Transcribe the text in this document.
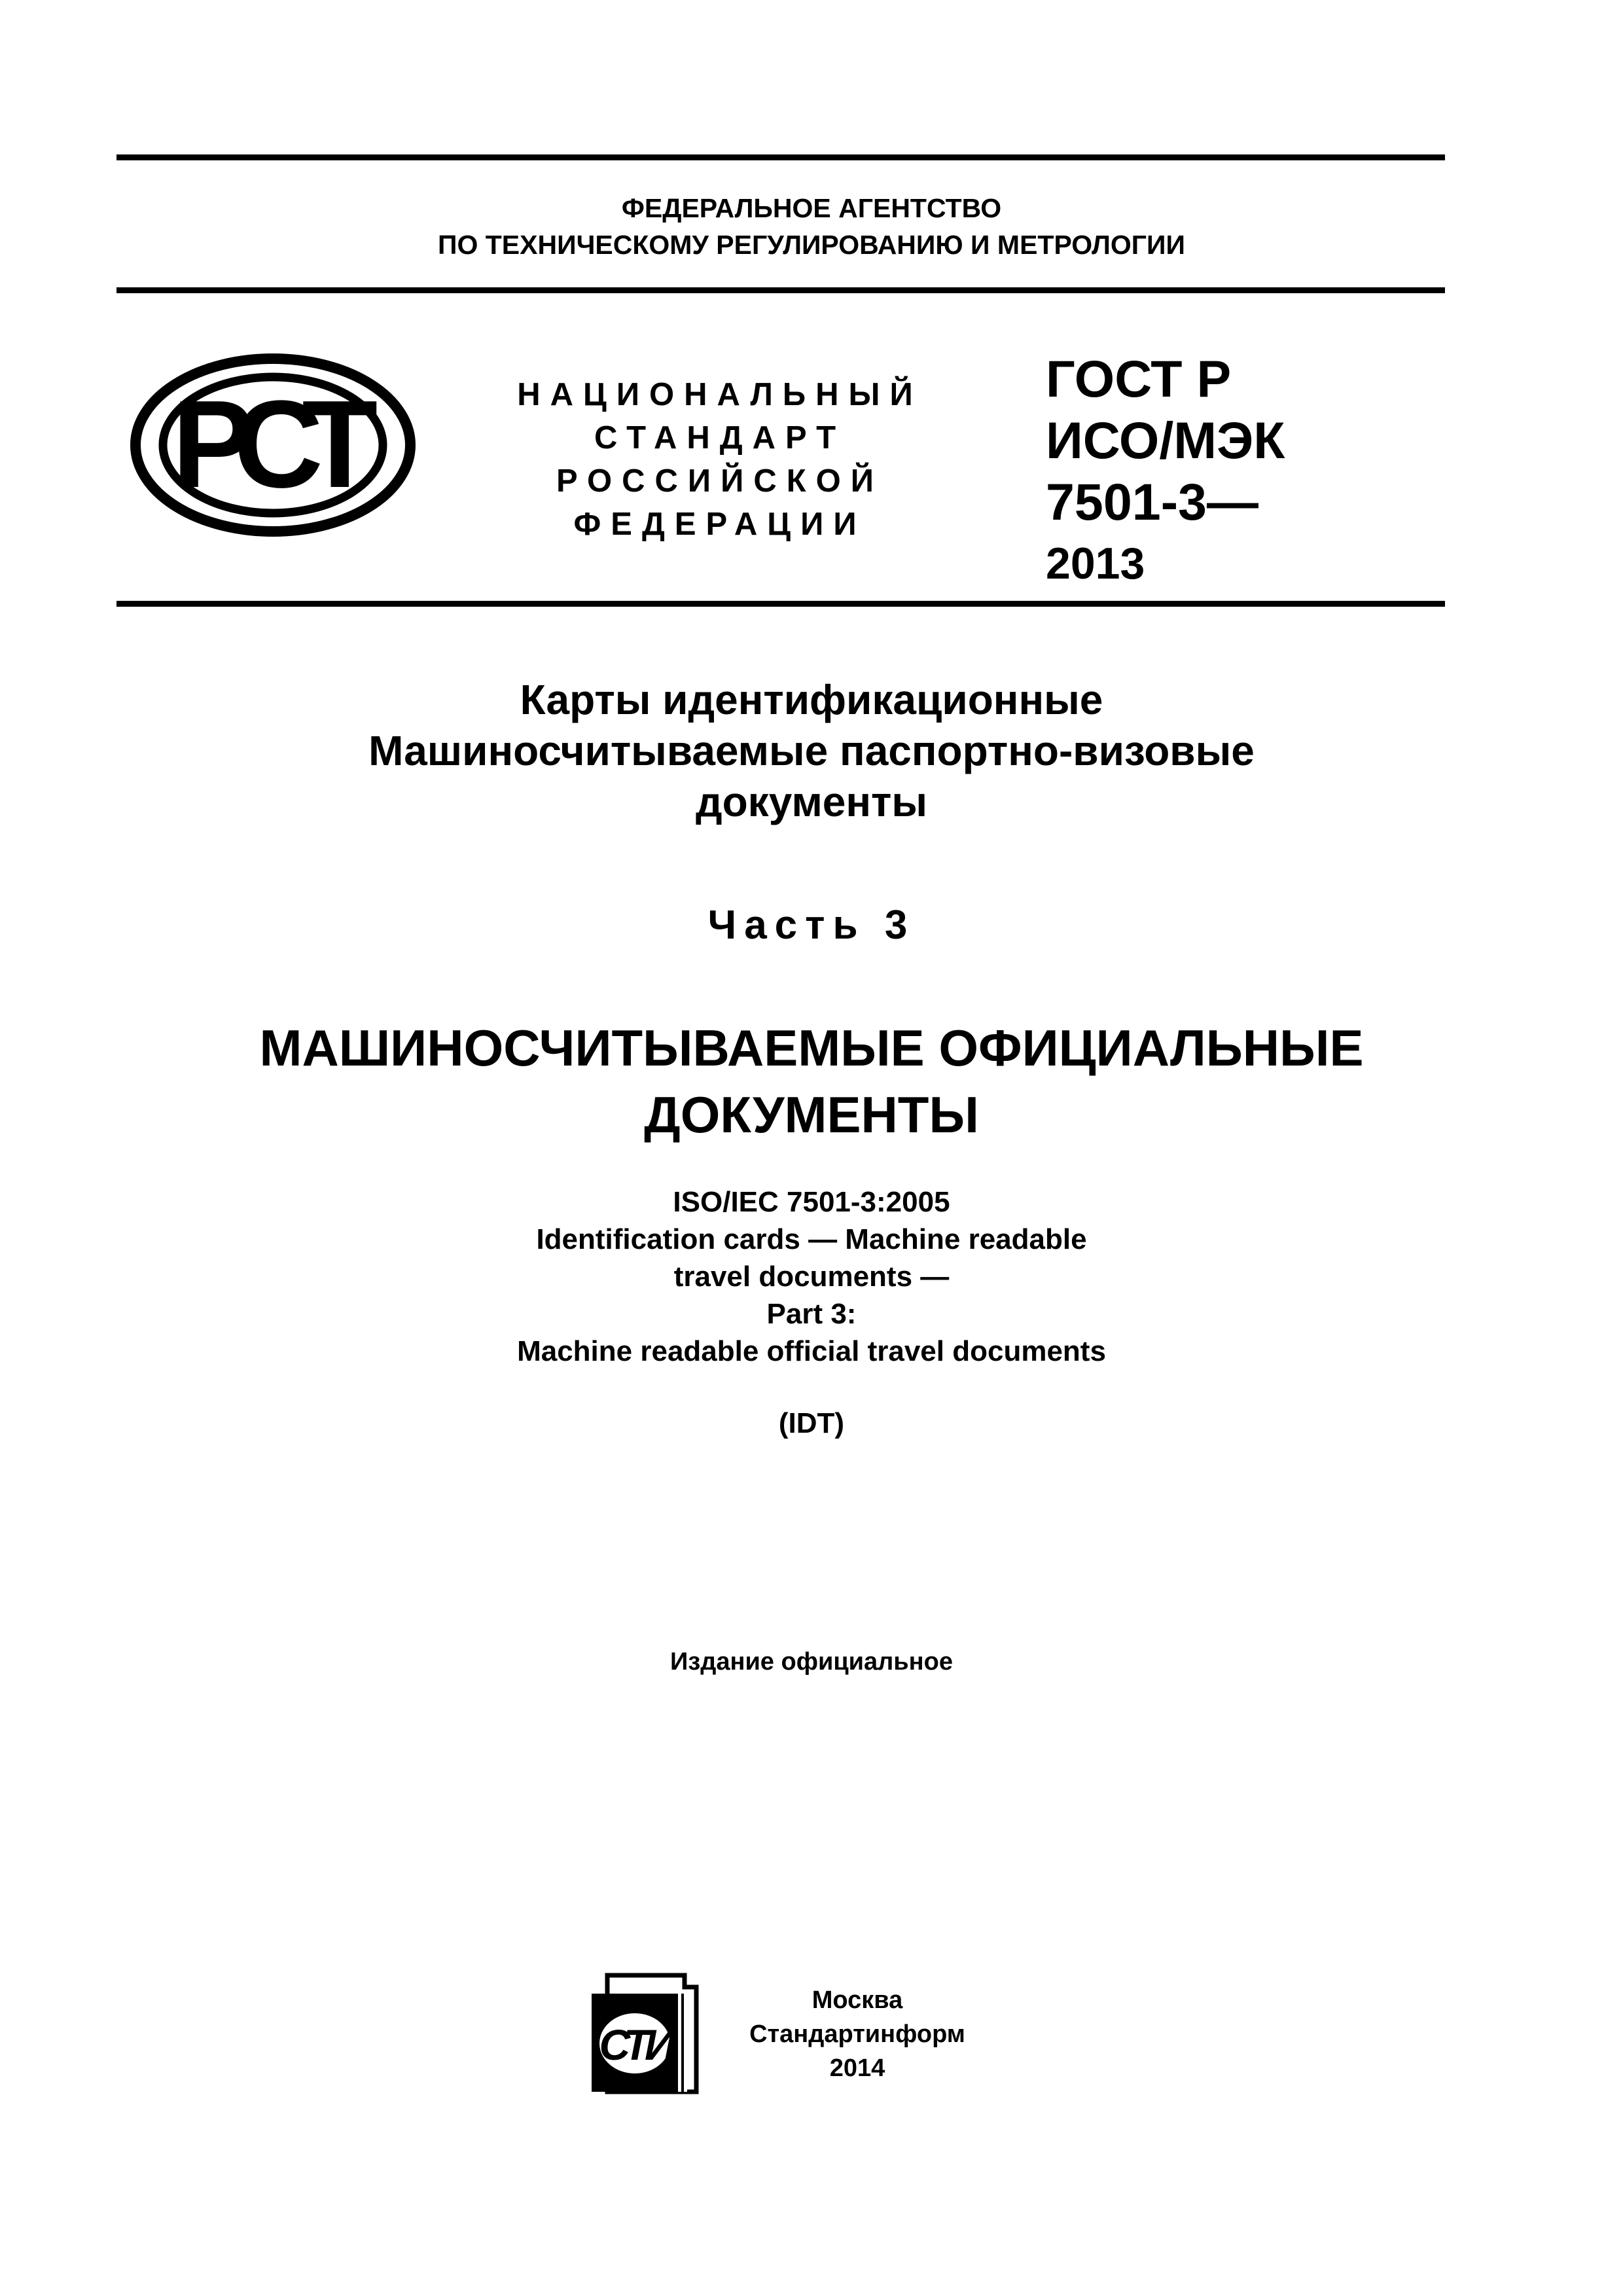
ФЕДЕРАЛЬНОЕ АГЕНТСТВО
ПО ТЕХНИЧЕСКОМУ РЕГУЛИРОВАНИЮ И МЕТРОЛОГИИ
РСТ	НАЦИОНАЛЬНЫЙ
СТАНДАРТ
РОССИЙСКОЙ
ФЕДЕРАЦИИ
ГОСТ Р
ИСО/МЭК
7501-3—
2013
Карты идентификационные
Машиносчитываемые паспортно-визовые
документы
Часть 3
МАШИНОСЧИТЫВАЕМЫЕ ОФИЦИАЛЬНЫЕ
ДОКУМЕНТЫ
ISO/IEC 7501-3:2005
Identification cards — Machine readable
travel documents —
Part 3:
Machine readable official travel documents
(IDT)
Издание официальное
СТИ
Москва
Стандартинформ
2014
